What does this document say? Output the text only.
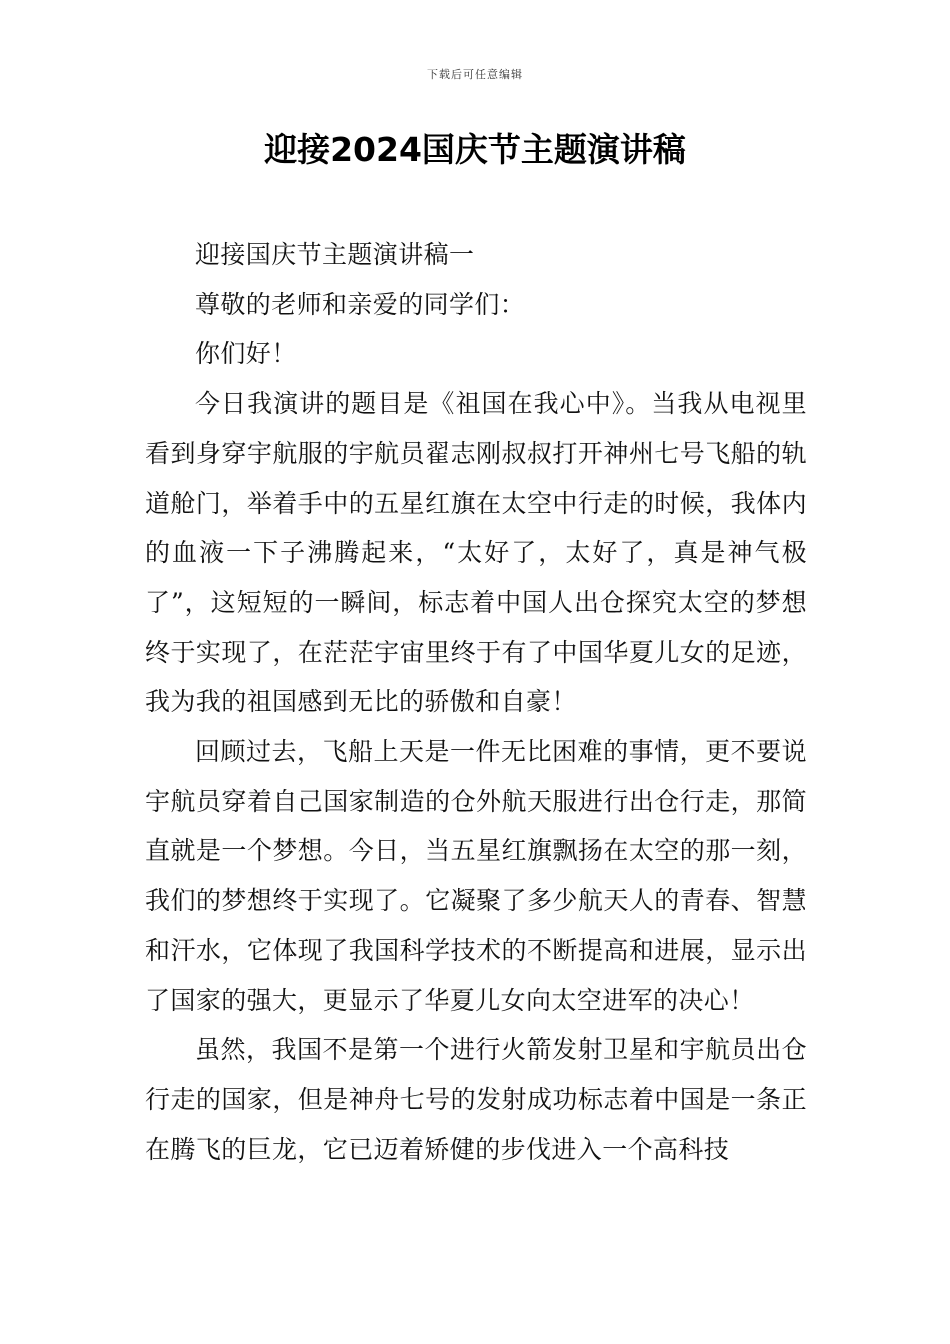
下载后可任意编辑
迎接2024国庆节主题演讲稿

迎接国庆节主题演讲稿一

尊敬的老师和亲爱的同学们：

你们好！

今日我演讲的题目是《祖国在我心中》。当我从电视里看到身穿宇航服的宇航员翟志刚叔叔打开神州七号飞船的轨道舱门，举着手中的五星红旗在太空中行走的时候，我体内的血液一下子沸腾起来，“太好了，太好了，真是神气极了”，这短短的一瞬间，标志着中国人出仓探究太空的梦想终于实现了，在茫茫宇宙里终于有了中国华夏儿女的足迹，我为我的祖国感到无比的骄傲和自豪！

回顾过去，飞船上天是一件无比困难的事情，更不要说宇航员穿着自己国家制造的仓外航天服进行出仓行走，那简直就是一个梦想。今日，当五星红旗飘扬在太空的那一刻，我们的梦想终于实现了。它凝聚了多少航天人的青春、智慧和汗水，它体现了我国科学技术的不断提高和进展，显示出了国家的强大，更显示了华夏儿女向太空进军的决心！

虽然，我国不是第一个进行火箭发射卫星和宇航员出仓行走的国家，但是神舟七号的发射成功标志着中国是一条正在腾飞的巨龙，它已迈着矫健的步伐进入一个高科技
